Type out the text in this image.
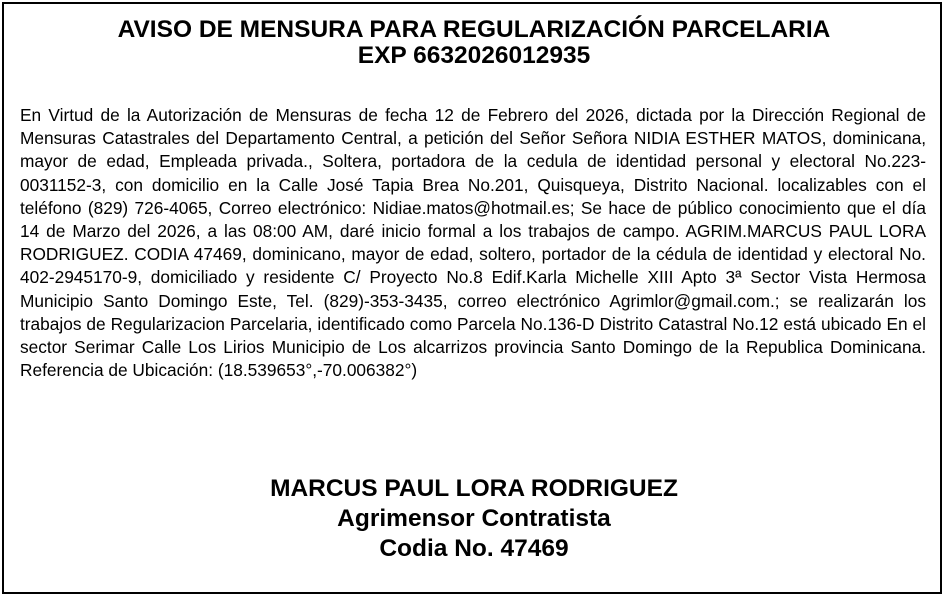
AVISO DE MENSURA PARA REGULARIZACIÓN PARCELARIA
EXP 6632026012935

En Virtud de la Autorización de Mensuras de fecha 12 de Febrero del 2026, dictada por la Dirección Regional de Mensuras Catastrales del Departamento Central, a petición del Señor Señora NIDIA ESTHER MATOS, dominicana, mayor de edad, Empleada privada., Soltera, portadora de la cedula de identidad personal y electoral No.223-0031152-3, con domicilio en la Calle José Tapia Brea No.201, Quisqueya, Distrito Nacional. localizables con el teléfono (829) 726-4065, Correo electrónico: Nidiae.matos@hotmail.es; Se hace de público conocimiento que el día 14 de Marzo del 2026, a las 08:00 AM, daré inicio formal a los trabajos de campo. AGRIM.MARCUS PAUL LORA RODRIGUEZ. CODIA 47469, dominicano, mayor de edad, soltero, portador de la cédula de identidad y electoral No. 402-2945170-9, domiciliado y residente C/ Proyecto No.8 Edif.Karla Michelle XIII Apto 3ª Sector Vista Hermosa Municipio Santo Domingo Este, Tel. (829)-353-3435, correo electrónico Agrimlor@gmail.com.; se realizarán los trabajos de Regularizacion Parcelaria, identificado como Parcela No.136-D Distrito Catastral No.12 está ubicado En el sector Serimar Calle Los Lirios Municipio de Los alcarrizos provincia Santo Domingo de la Republica Dominicana. Referencia de Ubicación: (18.539653°,-70.006382°)

MARCUS PAUL LORA RODRIGUEZ
Agrimensor Contratista
Codia No. 47469
